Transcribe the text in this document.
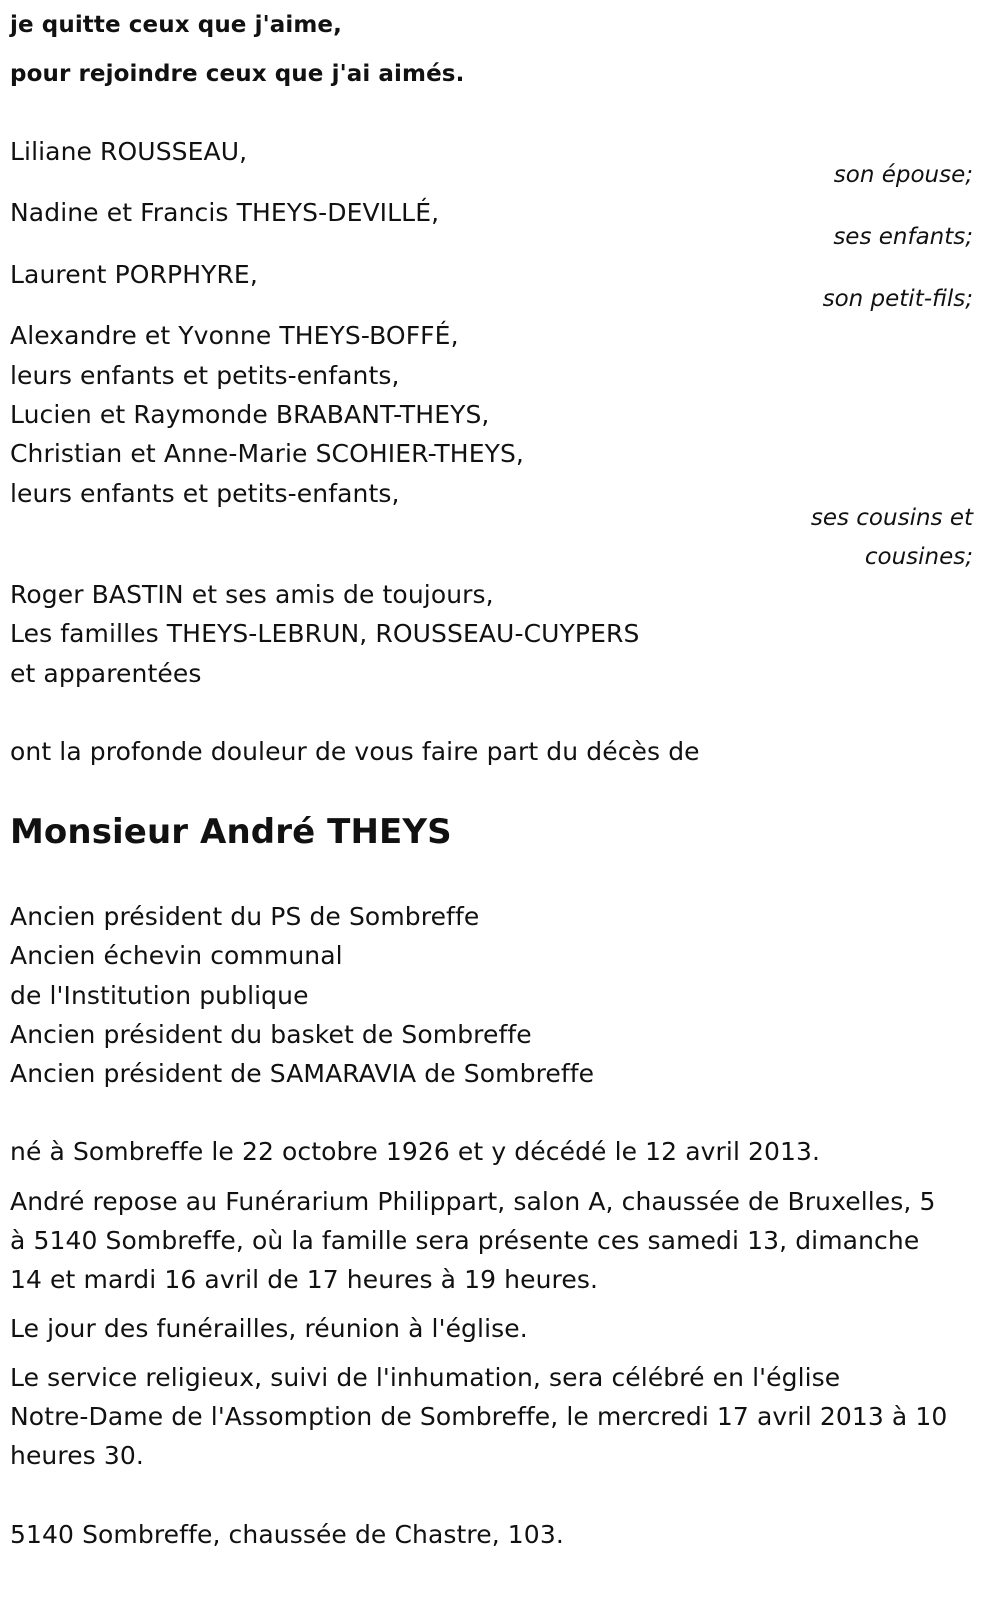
je quitte ceux que j'aime,
pour rejoindre ceux que j'ai aimés.
Liliane ROUSSEAU,
son épouse;
Nadine et Francis THEYS-DEVILLÉ,
ses enfants;
Laurent PORPHYRE,
son petit-fils;
Alexandre et Yvonne THEYS-BOFFÉ,
leurs enfants et petits-enfants,
Lucien et Raymonde BRABANT-THEYS,
Christian et Anne-Marie SCOHIER-THEYS,
leurs enfants et petits-enfants,
ses cousins et
cousines;
Roger BASTIN et ses amis de toujours,
Les familles THEYS-LEBRUN, ROUSSEAU-CUYPERS
et apparentées
ont la profonde douleur de vous faire part du décès de
Monsieur André THEYS
Ancien président du PS de Sombreffe
Ancien échevin communal
de l'Institution publique
Ancien président du basket de Sombreffe
Ancien président de SAMARAVIA de Sombreffe
né à Sombreffe le 22 octobre 1926 et y décédé le 12 avril 2013.
André repose au Funérarium Philippart, salon A, chaussée de Bruxelles, 5
à 5140 Sombreffe, où la famille sera présente ces samedi 13, dimanche
14 et mardi 16 avril de 17 heures à 19 heures.
Le jour des funérailles, réunion à l'église.
Le service religieux, suivi de l'inhumation, sera célébré en l'église
Notre-Dame de l'Assomption de Sombreffe, le mercredi 17 avril 2013 à 10
heures 30.
5140 Sombreffe, chaussée de Chastre, 103.
